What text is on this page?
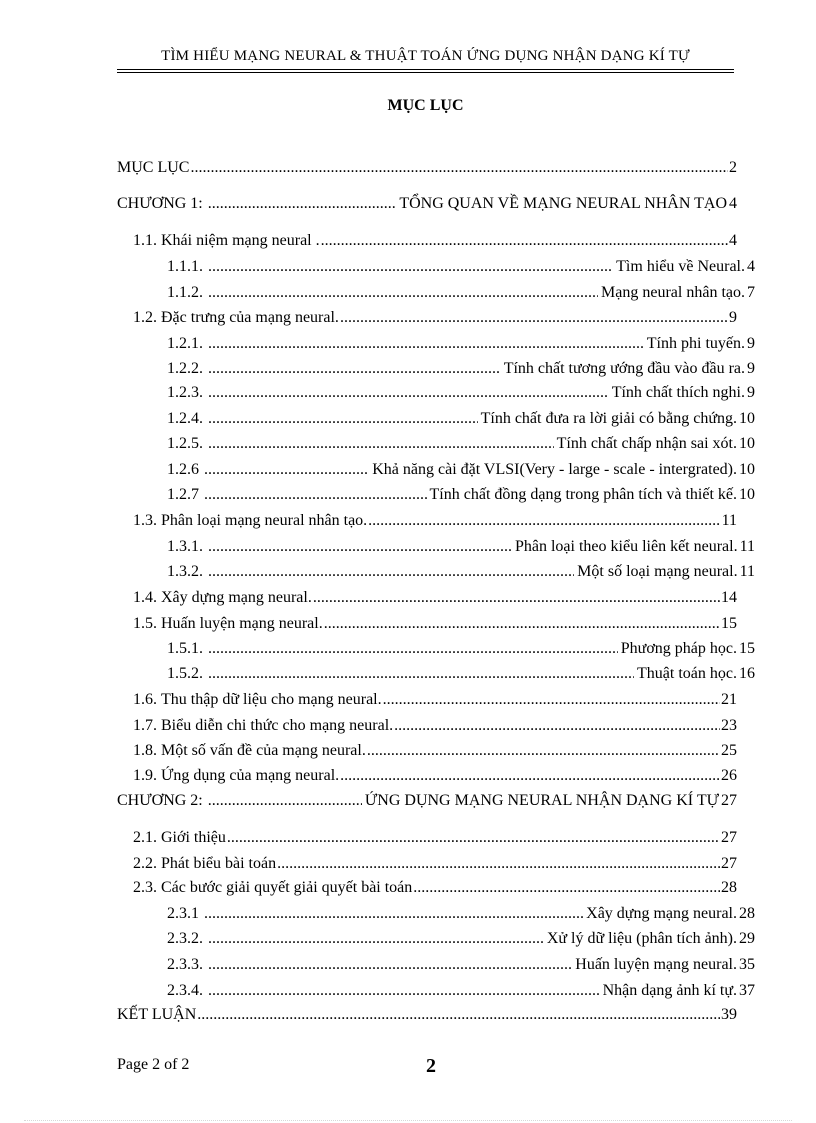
TÌM HIỂU MẠNG NEURAL & THUẬT TOÁN ỨNG DỤNG NHẬN DẠNG KÍ TỰ
MỤC LỤC
MỤC LỤC .....	2
CHƯƠNG 1: .....	TỔNG QUAN VỀ MẠNG NEURAL NHÂN TẠO 4
1.1. Khái niệm mạng neural . .....	4
1.1.1. .....	Tìm hiểu về Neural. 4
1.1.2. .....	Mạng neural nhân tạo. 7
1.2. Đặc trưng của mạng neural. .....	9
1.2.1. .....	Tính phi tuyến. 9
1.2.2. .....	Tính chất tương ướng đầu vào đầu ra. 9
1.2.3. .....	Tính chất thích nghi. 9
1.2.4. .....	Tính chất đưa ra lời giải có bằng chứng. 10
1.2.5. .....	Tính chất chấp nhận sai xót. 10
1.2.6 .....	Khả năng cài đặt VLSI(Very - large - scale - intergrated). 10
1.2.7 .....	Tính chất đồng dạng trong phân tích và thiết kế. 10
1.3. Phân loại mạng neural nhân tạo. .....	11
1.3.1. .....	Phân loại theo kiểu liên kết neural. 11
1.3.2. .....	Một số loại mạng neural. 11
1.4. Xây dựng mạng neural. .....	14
1.5. Huấn luyện mạng neural. .....	15
1.5.1. .....	Phương pháp học. 15
1.5.2. .....	Thuật toán học. 16
1.6. Thu thập dữ liệu cho mạng neural. .....	21
1.7. Biểu diễn chi thức cho mạng neural. .....	23
1.8. Một số vấn đề của mạng neural. .....	25
1.9. Ứng dụng của mạng neural. .....	26
CHƯƠNG 2: .....	ỨNG DỤNG MẠNG NEURAL NHẬN DẠNG KÍ TỰ 27
2.1. Giới thiệu .....	27
2.2. Phát biểu bài toán .....	27
2.3. Các bước giải quyết giải quyết bài toán .....	28
2.3.1 .....	Xây dựng mạng neural. 28
2.3.2. .....	Xử lý dữ liệu (phân tích ảnh). 29
2.3.3. .....	Huấn luyện mạng neural. 35
2.3.4. .....	Nhận dạng ảnh kí tự. 37
KẾT LUẬN .....	39
Page 2 of 2	2
